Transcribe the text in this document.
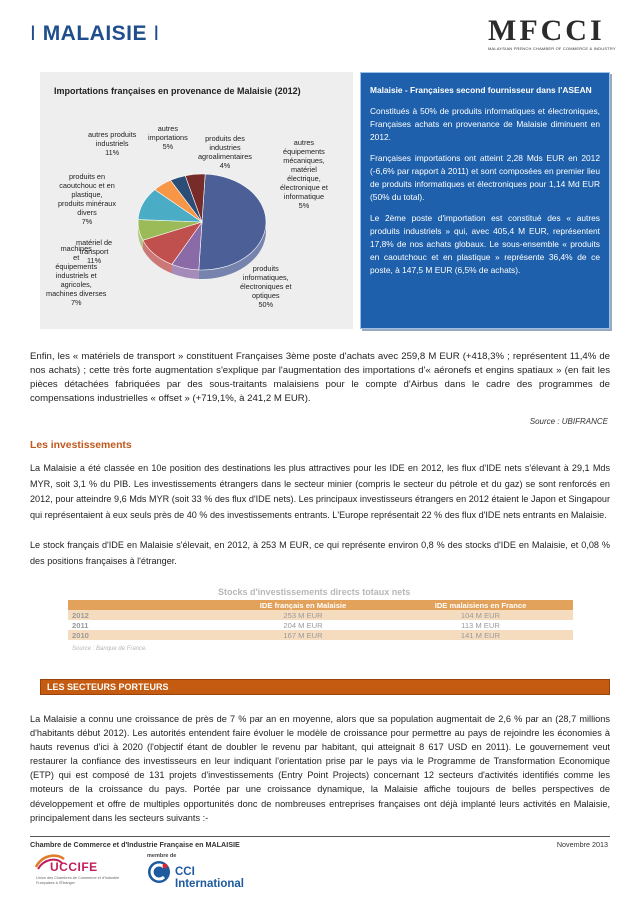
I MALAISIE I	MFCCI
MALAYSIAN FRENCH CHAMBER OF COMMERCE & INDUSTRY
Importations françaises en provenance de Malaisie (2012)
autres produits
industriels
11%
autres
importations
5%
produits des
industries
agroalimentaires
4%
autres
équipements
mécaniques,
matériel
électrique,
électronique et
informatique
5%
produits en
caoutchouc et en
plastique,
produits minéraux
divers
7%
matériel de
transport
11%
machines
et
équipements
industriels et
agricoles,
machines diverses
7%
produits
informatiques,
électroniques et
optiques
50%

Malaisie - Françaises second fournisseur dans l'ASEAN

Constitués à 50% de produits informatiques et électroniques, Françaises achats en provenance de Malaisie diminuent en 2012.

Françaises importations ont atteint 2,28 Mds EUR en 2012 (-6,6% par rapport à 2011) et sont composées en premier lieu de produits informatiques et électroniques pour 1,14 Md EUR (50% du total).

Le 2ème poste d'importation est constitué des « autres produits industriels » qui, avec 405,4 M EUR, représentent 17,8% de nos achats globaux. Le sous-ensemble « produits en caoutchouc et en plastique » représente 36,4% de ce poste, à 147,5 M EUR (6,5% de achats).

Enfin, les « matériels de transport » constituent Françaises 3ème poste d'achats avec 259,8 M EUR (+418,3% ; représentent 11,4% de nos achats) ; cette très forte augmentation s'explique par l'augmentation des importations d'« aéronefs et engins spatiaux » (en fait les pièces détachées fabriquées par des sous-traitants malaisiens pour le compte d'Airbus dans le cadre des programmes de compensations industrielles « offset » (+719,1%, à 241,2 M EUR).
Source : UBIFRANCE
Les investissements
La Malaisie a été classée en 10e position des destinations les plus attractives pour les IDE en 2012, les flux d'IDE nets s'élevant à 29,1 Mds MYR, soit 3,1 % du PIB. Les investissements étrangers dans le secteur minier (compris le secteur du pétrole et du gaz) se sont renforcés en 2012, pour atteindre 9,6 Mds MYR (soit 33 % des flux d'IDE nets). Les principaux investisseurs étrangers en 2012 étaient le Japon et Singapour qui représentaient à eux seuls près de 40 % des investissements entrants. L'Europe représentait 22 % des flux d'IDE nets entrants en Malaisie.
Le stock français d'IDE en Malaisie s'élevait, en 2012, à 253 M EUR, ce qui représente environ 0,8 % des stocks d'IDE en Malaisie, et 0,08 % des positions françaises à l'étranger.
Stocks d'investissements directs totaux nets
	IDE français en Malaisie	IDE malaisiens en France
2012	253 M EUR	104 M EUR
2011	204 M EUR	113 M EUR
2010	167 M EUR	141 M EUR
Source : Banque de France.
LES SECTEURS PORTEURS
La Malaisie a connu une croissance de près de 7 % par an en moyenne, alors que sa population augmentait de 2,6 % par an (28,7 millions d'habitants début 2012). Les autorités entendent faire évoluer le modèle de croissance pour permettre au pays de rejoindre les économies à hauts revenus d'ici à 2020 (l'objectif étant de doubler le revenu par habitant, qui atteignait 8 617 USD en 2011). Le gouvernement veut restaurer la confiance des investisseurs en leur indiquant l'orientation prise par le pays via le Programme de Transformation Economique (ETP) qui est composé de 131 projets d'investissements (Entry Point Projects) concernant 12 secteurs d'activités identifiés comme les moteurs de la croissance du pays. Portée par une croissance dynamique, la Malaisie affiche toujours de belles perspectives de développement et offre de multiples opportunités donc de nombreuses entreprises françaises ont déjà implanté leurs activités en Malaisie, principalement dans les secteurs suivants :-
Chambre de Commerce et d'Industrie Française en MALAISIE	Novembre 2013
UCCIFE
Union des Chambres de Commerce et d'Industrie Françaises à l'Étranger
membre de
CCI International
